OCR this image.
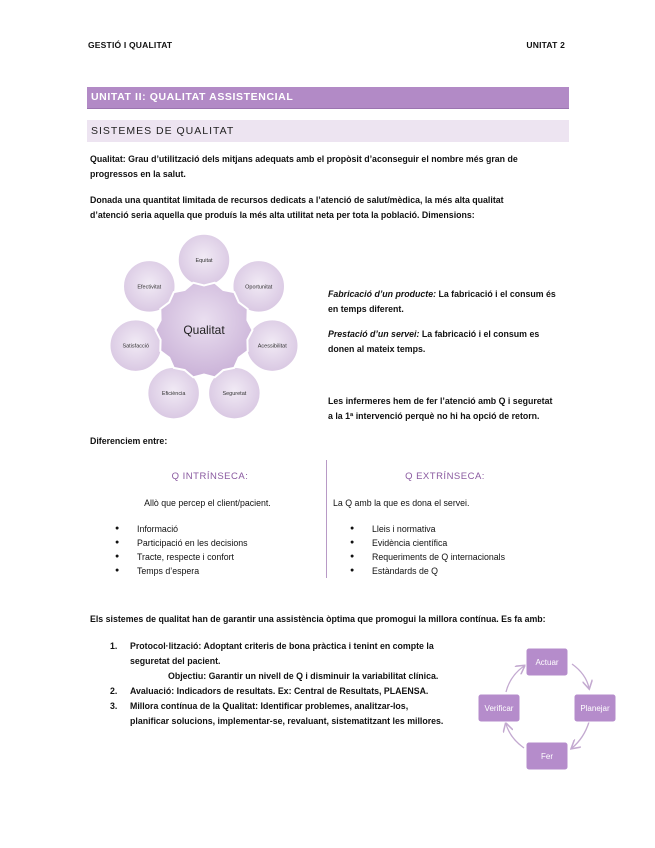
GESTIÓ I QUALITAT	UNITAT 2
UNITAT II: QUALITAT ASSISTENCIAL
SISTEMES DE QUALITAT
Qualitat: Grau d’utilització dels mitjans adequats amb el propòsit d’aconseguir el nombre més gran de
progressos en la salut.
Donada una quantitat limitada de recursos dedicats a l’atenció de salut/mèdica, la més alta qualitat
d’atenció seria aquella que produís la més alta utilitat neta per tota la població. Dimensions:
Equitat
Oportunitat
Acessibilitat
Seguretat
Eficiència
Satisfacció
Efectivitat
Qualitat
Fabricació d’un producte: La fabricació i el consum és
en temps diferent.
Prestació d’un servei: La fabricació i el consum es
donen al mateix temps.
Les infermeres hem de fer l’atenció amb Q i seguretat
a la 1ª intervenció perquè no hi ha opció de retorn.
Diferenciem entre:
Q INTRÍNSECA:
Allò que percep el client/pacient.
● Informació
● Participació en les decisions
● Tracte, respecte i confort
● Temps d’espera
Q EXTRÍNSECA:
La Q amb la que es dona el servei.
● Lleis i normativa
● Evidència científica
● Requeriments de Q internacionals
● Estàndards de Q
Els sistemes de qualitat han de garantir una assistència òptima que promogui la millora contínua. Es fa amb:
1. Protocol·lització: Adoptant criteris de bona pràctica i tenint en compte la
seguretat del pacient.
Objectiu: Garantir un nivell de Q i disminuir la variabilitat clínica.
2. Avaluació: Indicadors de resultats. Ex: Central de Resultats, PLAENSA.
3. Millora contínua de la Qualitat: Identificar problemes, analitzar-los,
planificar solucions, implementar-se, revaluant, sistematitzant les millores.
Actuar
Planejar
Fer
Verificar
